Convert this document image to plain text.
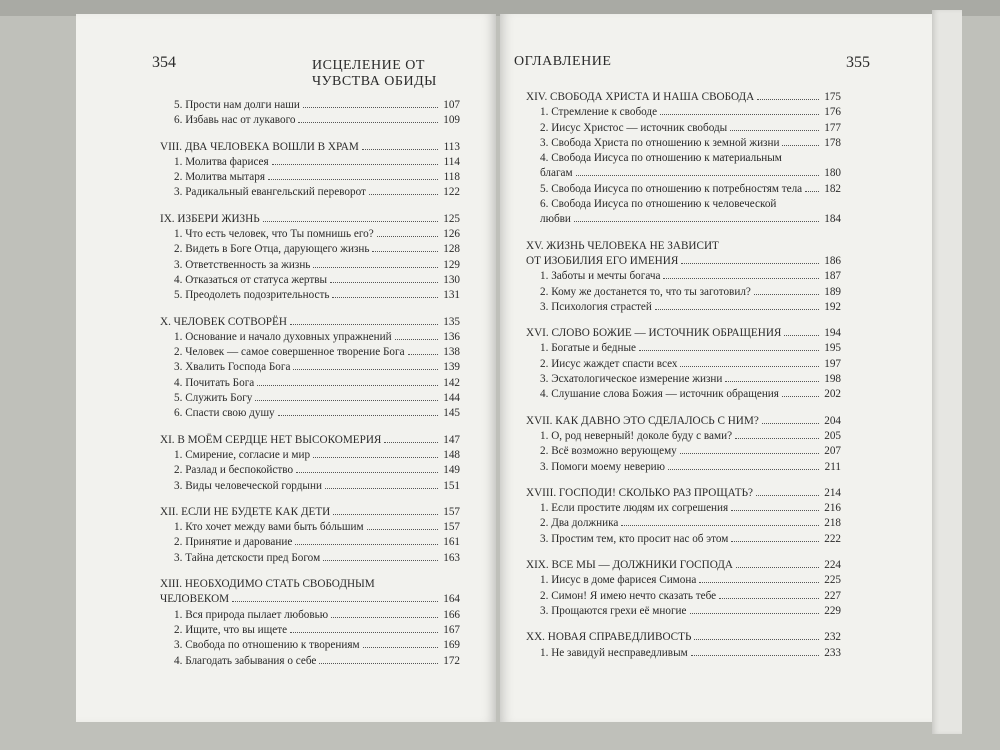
354	ИСЦЕЛЕНИЕ ОТ ЧУВСТВА ОБИДЫ
5. Прости нам долги наши	107
6. Избавь нас от лукавого	109
VIII. ДВА ЧЕЛОВЕКА ВОШЛИ В ХРАМ	113
1. Молитва фарисея	114
2. Молитва мытаря	118
3. Радикальный евангельский переворот	122
IX. ИЗБЕРИ ЖИЗНЬ	125
1. Что есть человек, что Ты помнишь его?	126
2. Видеть в Боге Отца, дарующего жизнь	128
3. Ответственность за жизнь	129
4. Отказаться от статуса жертвы	130
5. Преодолеть подозрительность	131
X. ЧЕЛОВЕК СОТВОРЁН	135
1. Основание и начало духовных упражнений	136
2. Человек — самое совершенное творение Бога	138
3. Хвалить Господа Бога	139
4. Почитать Бога	142
5. Служить Богу	144
6. Спасти свою душу	145
XI. В МОЁМ СЕРДЦЕ НЕТ ВЫСОКОМЕРИЯ	147
1. Смирение, согласие и мир	148
2. Разлад и беспокойство	149
3. Виды человеческой гордыни	151
XII. ЕСЛИ НЕ БУДЕТЕ КАК ДЕТИ	157
1. Кто хочет между вами быть бóльшим	157
2. Принятие и дарование	161
3. Тайна детскости пред Богом	163
XIII. НЕОБХОДИМО СТАТЬ СВОБОДНЫМ
ЧЕЛОВЕКОМ	164
1. Вся природа пылает любовью	166
2. Ищите, что вы ищете	167
3. Свобода по отношению к творениям	169
4. Благодать забывания о себе	172
ОГЛАВЛЕНИЕ	355
XIV. СВОБОДА ХРИСТА И НАША СВОБОДА	175
1. Стремление к свободе	176
2. Иисус Христос — источник свободы	177
3. Свобода Христа по отношению к земной жизни	178
4. Свобода Иисуса по отношению к материальным
благам	180
5. Свобода Иисуса по отношению к потребностям тела 182
6. Свобода Иисуса по отношению к человеческой
любви	184
XV. ЖИЗНЬ ЧЕЛОВЕКА НЕ ЗАВИСИТ
ОТ ИЗОБИЛИЯ ЕГО ИМЕНИЯ	186
1. Заботы и мечты богача	187
2. Кому же достанется то, что ты заготовил?	189
3. Психология страстей	192
XVI. СЛОВО БОЖИЕ — ИСТОЧНИК ОБРАЩЕНИЯ	194
1. Богатые и бедные	195
2. Иисус жаждет спасти всех	197
3. Эсхатологическое измерение жизни	198
4. Слушание слова Божия — источник обращения	202
XVII. КАК ДАВНО ЭТО СДЕЛАЛОСЬ С НИМ?	204
1. О, род неверный! доколе буду с вами?	205
2. Всё возможно верующему	207
3. Помоги моему неверию	211
XVIII. ГОСПОДИ! СКОЛЬКО РАЗ ПРОЩАТЬ?	214
1. Если простите людям их согрешения	216
2. Два должника	218
3. Простим тем, кто просит нас об этом	222
XIX. ВСЕ МЫ — ДОЛЖНИКИ ГОСПОДА	224
1. Иисус в доме фарисея Симона	225
2. Симон! Я имею нечто сказать тебе	227
3. Прощаются грехи её многие	229
XX. НОВАЯ СПРАВЕДЛИВОСТЬ	232
1. Не завидуй несправедливым	233
